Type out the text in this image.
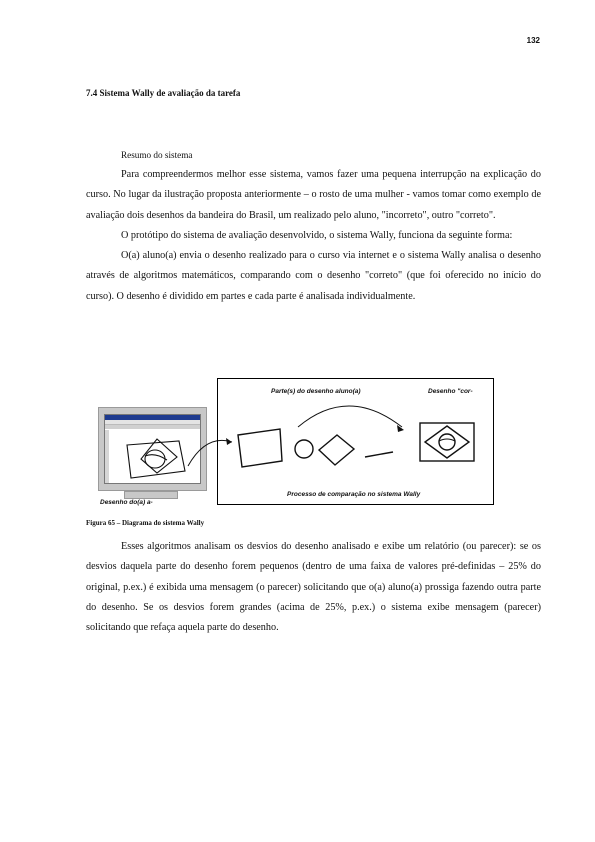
132
7.4 Sistema Wally de avaliação da tarefa
Resumo do sistema

Para compreendermos melhor esse sistema, vamos fazer uma pequena interrupção na explicação do curso. No lugar da ilustração proposta anteriormente – o rosto de uma mulher - vamos tomar como exemplo de avaliação dois desenhos da bandeira do Brasil, um realizado pelo aluno, "incorreto", outro "correto".

O protótipo do sistema de avaliação desenvolvido, o sistema Wally, funciona da seguinte forma:

O(a) aluno(a) envia o desenho realizado para o curso via internet e o sistema Wally analisa o desenho através de algoritmos matemáticos, comparando com o desenho "correto" (que foi oferecido no início do curso). O desenho é dividido em partes e cada parte é analisada individualmente.

Desenho do(a) a-
Parte(s) do desenho aluno(a)	Desenho "cor-
Processo de comparação no sistema Wally
Figura 65 – Diagrama do sistema Wally

Esses algoritmos analisam os desvios do desenho analisado e exibe um relatório (ou parecer): se os desvios daquela parte do desenho forem pequenos (dentro de uma faixa de valores pré-definidas – 25% do original, p.ex.) é exibida uma mensagem (o parecer) solicitando que o(a) aluno(a) prossiga fazendo outra parte do desenho. Se os desvios forem grandes (acima de 25%, p.ex.) o sistema exibe mensagem (parecer) solicitando que refaça aquela parte do desenho.
